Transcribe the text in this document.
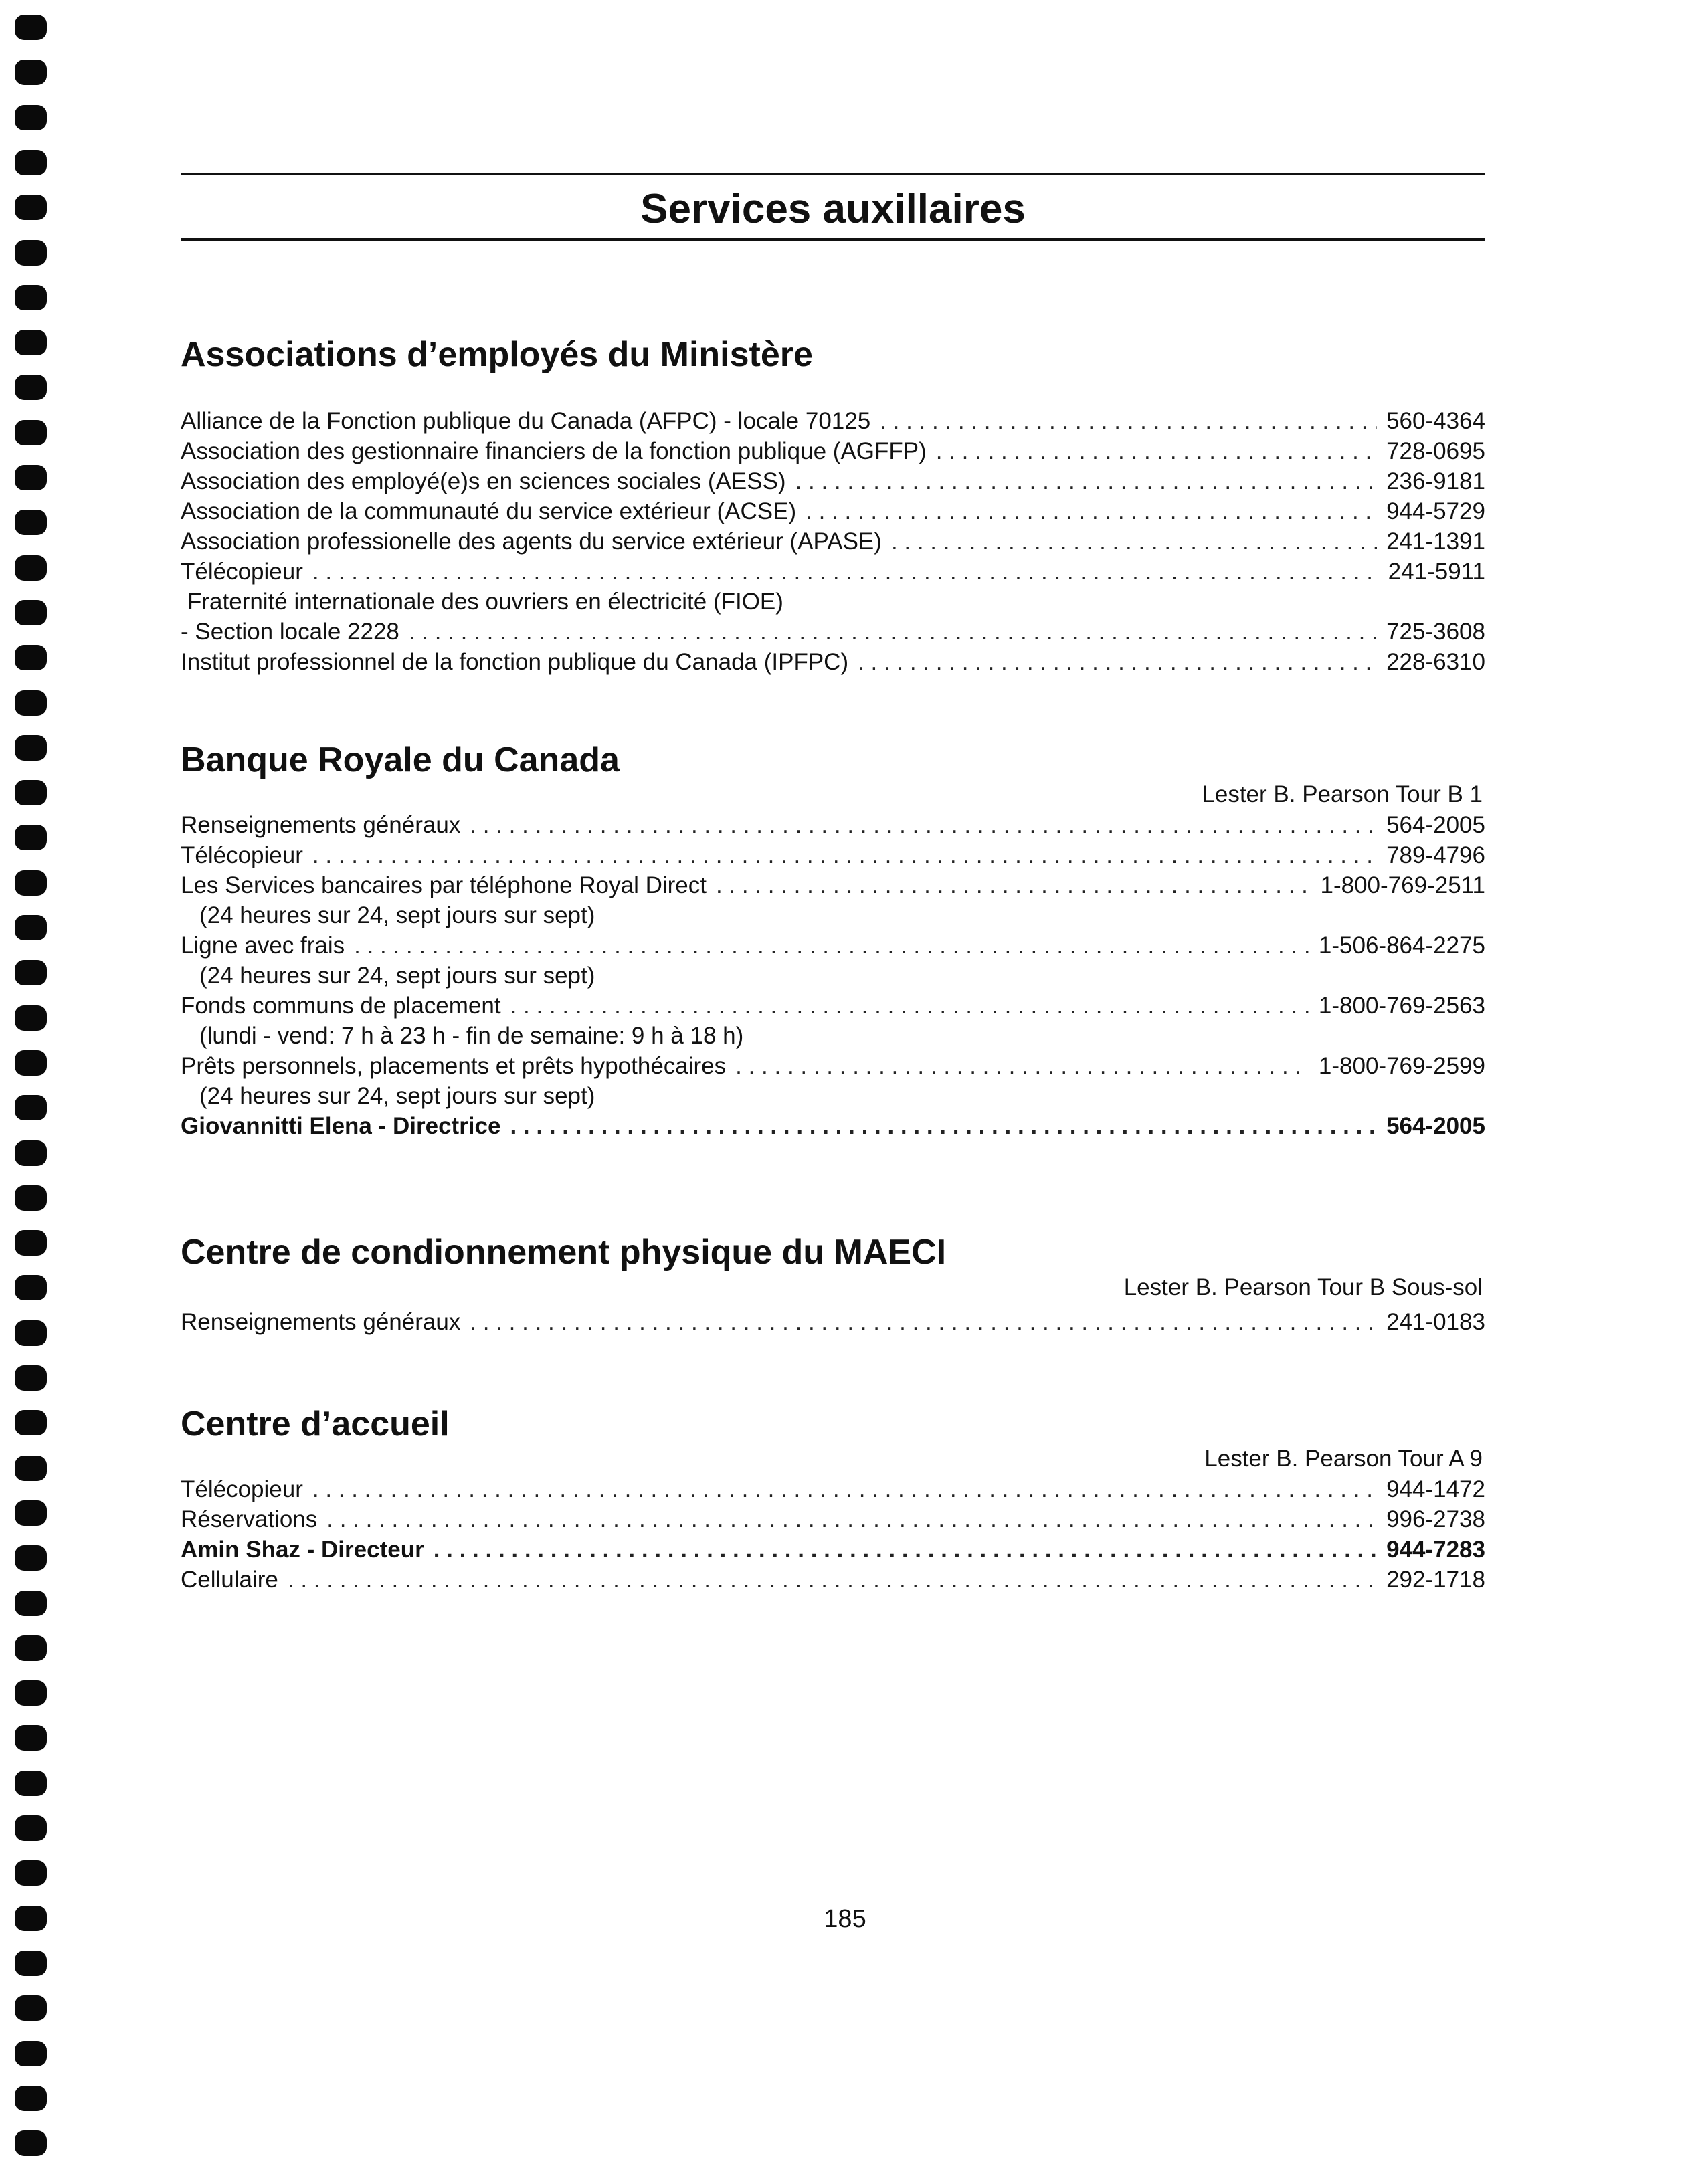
Services auxillaires
Associations d’employés du Ministère
Alliance de la Fonction publique du Canada (AFPC) - locale 70125 . . .	560-4364
Association des gestionnaire financiers de la fonction publique (AGFFP) . . .	728-0695
Association des employé(e)s en sciences sociales (AESS) . . .	236-9181
Association de la communauté du service extérieur (ACSE) . . .	944-5729
Association professionelle des agents du service extérieur (APASE) . . .	241-1391
Télécopieur . . .	241-5911
Fraternité internationale des ouvriers en électricité (FIOE)
- Section locale 2228 . . .	725-3608
Institut professionnel de la fonction publique du Canada (IPFPC) . . .	228-6310
Banque Royale du Canada
Lester B. Pearson Tour B 1
Renseignements généraux . . .	564-2005
Télécopieur . . .	789-4796
Les Services bancaires par téléphone Royal Direct . . .	1-800-769-2511
(24 heures sur 24, sept jours sur sept)
Ligne avec frais . . .	1-506-864-2275
(24 heures sur 24, sept jours sur sept)
Fonds communs de placement . . .	1-800-769-2563
(lundi - vend: 7 h à 23 h - fin de semaine: 9 h à 18 h)
Prêts personnels, placements et prêts hypothécaires . . .	1-800-769-2599
(24 heures sur 24, sept jours sur sept)
Giovannitti Elena - Directrice . . .	564-2005
Centre de condionnement physique du MAECI
Lester B. Pearson Tour B Sous-sol
Renseignements généraux . . .	241-0183
Centre d’accueil
Lester B. Pearson Tour A 9
Télécopieur . . .	944-1472
Réservations . . .	996-2738
Amin Shaz - Directeur . . .	944-7283
Cellulaire . . .	292-1718
185
